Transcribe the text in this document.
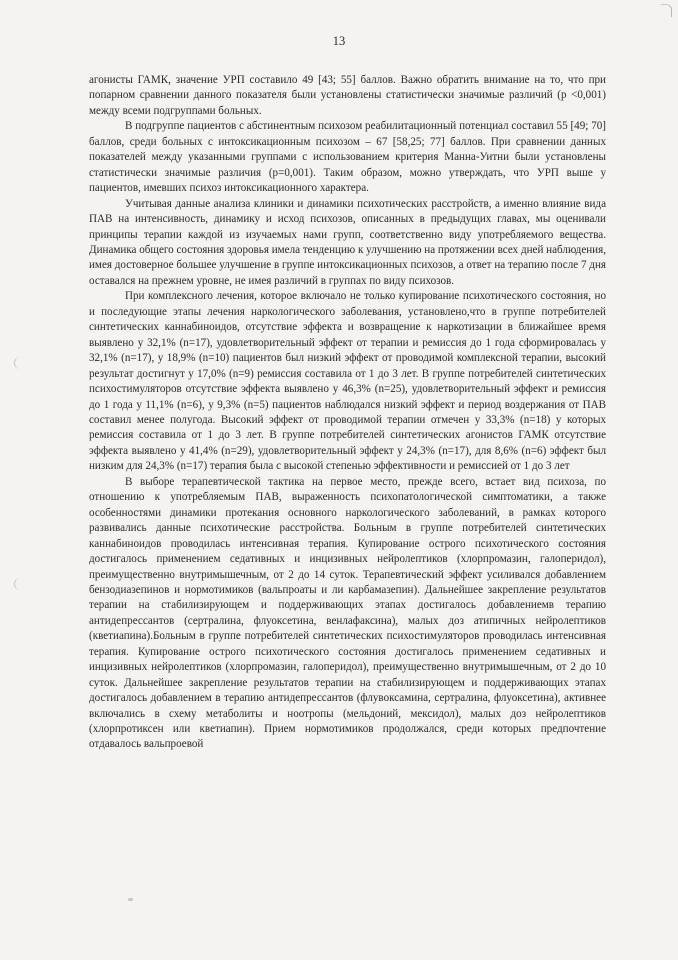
13

агонисты ГАМК, значение УРП составило 49 [43; 55] баллов. Важно обратить внимание на то, что при попарном сравнении данного показателя были установлены статистически значимые различий (р <0,001) между всеми подгруппами больных.

В подгруппе пациентов с абстинентным психозом реабилитационный потенциал составил 55 [49; 70] баллов, среди больных с интоксикационным психозом – 67 [58,25; 77] баллов. При сравнении данных показателей между указанными группами с использованием критерия Манна-Уитни были установлены статистически значимые различия (р=0,001). Таким образом, можно утверждать, что УРП выше у пациентов, имевших психоз интоксикационного характера.

Учитывая данные анализа клиники и динамики психотических расстройств, а именно влияние вида ПАВ на интенсивность, динамику и исход психозов, описанных в предыдущих главах, мы оценивали принципы терапии каждой из изучаемых нами групп, соответственно виду употребляемого вещества. Динамика общего состояния здоровья имела тенденцию к улучшению на протяжении всех дней наблюдения, имея достоверное большее улучшение в группе интоксикационных психозов, а ответ на терапию после 7 дня оставался на прежнем уровне, не имея различий в группах по виду психозов.

При комплексного лечения, которое включало не только купирование психотического состояния, но и последующие этапы лечения наркологического заболевания, установлено,что в группе потребителей синтетических каннабиноидов, отсутствие эффекта и возвращение к наркотизации в ближайшее время выявлено у 32,1% (n=17), удовлетворительный эффект от терапии и ремиссия до 1 года сформировалась у 32,1% (n=17), у 18,9% (n=10) пациентов был низкий эффект от проводимой комплексной терапии, высокий результат достигнут у 17,0% (n=9) ремиссия составила от 1 до 3 лет. В группе потребителей синтетических психостимуляторов отсутствие эффекта выявлено у 46,3% (n=25), удовлетворительный эффект и ремиссия до 1 года у 11,1% (n=6), у 9,3% (n=5) пациентов наблюдался низкий эффект и период воздержания от ПАВ составил менее полугода. Высокий эффект от проводимой терапии отмечен у 33,3% (n=18) у которых ремиссия составила от 1 до 3 лет. В группе потребителей синтетических агонистов ГАМК отсутствие эффекта выявлено у 41,4% (n=29), удовлетворительный эффект у 24,3% (n=17), для 8,6% (n=6) эффект был низким для 24,3% (n=17) терапия была с высокой степенью эффективности и ремиссией от 1 до 3 лет

В выборе терапевтической тактика на первое место, прежде всего, встает вид психоза, по отношению к употребляемым ПАВ, выраженность психопатологической симптоматики, а также особенностями динамики протекания основного наркологического заболеваний, в рамках которого развивались данные психотические расстройства. Больным в группе потребителей синтетических каннабиноидов проводилась интенсивная терапия. Купирование острого психотического состояния достигалось применением седативных и инцизивных нейролептиков (хлорпромазин, галоперидол), преимущественно внутримышечным, от 2 до 14 суток. Терапевтический эффект усиливался добавлением бензодиазепинов и нормотимиков (вальпроаты и ли карбамазепин). Дальнейшее закрепление результатов терапии на стабилизирующем и поддерживающих этапах достигалось добавлениемв терапию антидепрессантов (сертралина, флуоксетина, венлафаксина), малых доз атипичных нейролептиков (кветиапина).Больным в группе потребителей синтетических пcихостимуляторов проводилась интенсивная терапия. Купирование острого психотического состояния достигалось применением седативных и инцизивных нейролептиков (хлорпромазин, галоперидол), преимущественно внутримышечным, от 2 до 10 суток. Дальнейшее закрепление результатов терапии на стабилизирующем и поддерживающих этапах достигалось добавлением в терапию антидепрессантов (флувоксамина, сертралина, флуоксетина), активнее включались в схему метаболиты и ноотропы (мельдоний, мексидол), малых доз нейролептиков (хлорпротиксен или кветиапин). Прием нормотимиков продолжался, среди которых предпочтение отдавалось вальпроевой
